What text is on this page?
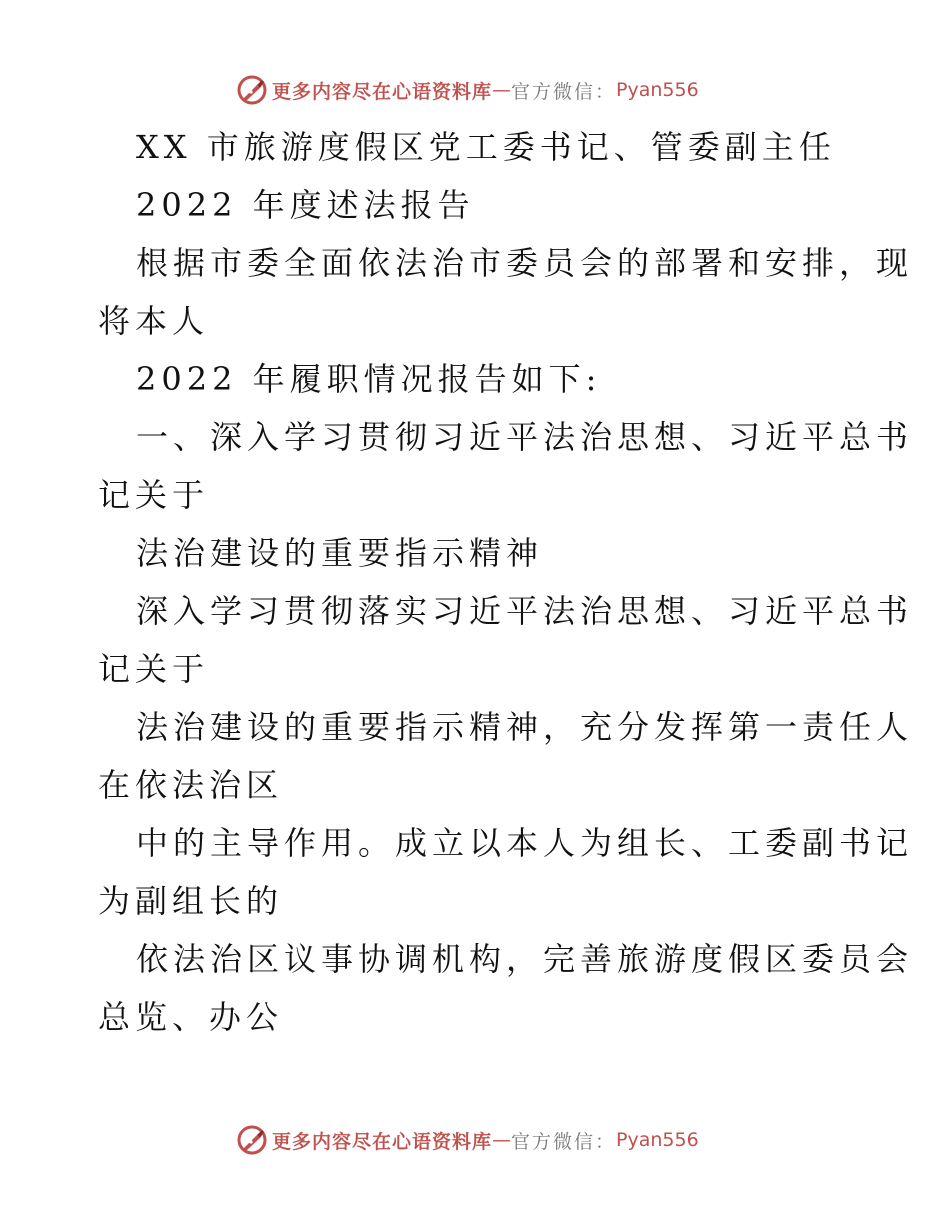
更多内容尽在心语资料库 — 官方微信： Pyan556
XX 市旅游度假区党工委书记、管委副主任
2022 年度述法报告
根据市委全面依法治市委员会的部署和安排，现
将本人
2022 年履职情况报告如下:
一、深入学习贯彻习近平法治思想、习近平总书
记关于
法治建设的重要指示精神
深入学习贯彻落实习近平法治思想、习近平总书
记关于
法治建设的重要指示精神，充分发挥第一责任人
在依法治区
中的主导作用。成立以本人为组长、工委副书记
为副组长的
依法治区议事协调机构，完善旅游度假区委员会
总览、办公
更多内容尽在心语资料库 — 官方微信： Pyan556
